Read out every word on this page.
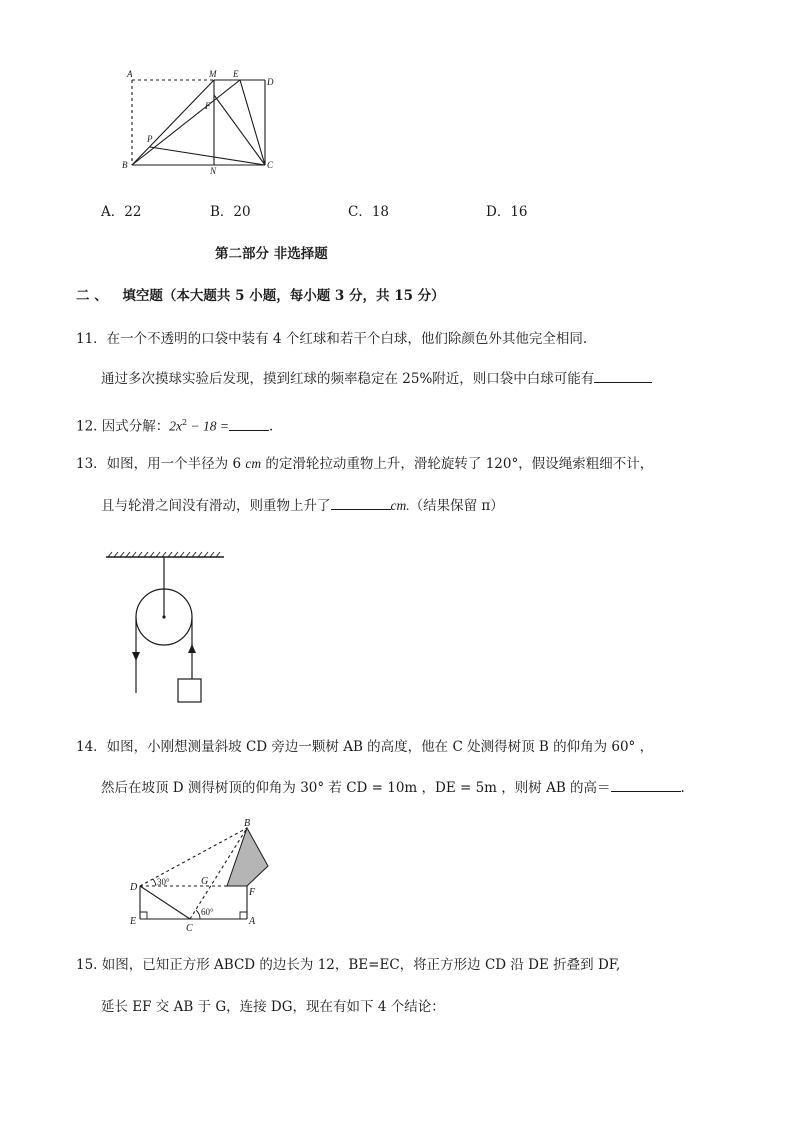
A	M E
D
F
P
B
N
C
A．22	B．20	C．18	D．16
第二部分 非选择题
二 、 填空题（本大题共 5 小题，每小题 3 分，共 15 分）
11．在一个不透明的口袋中装有 4 个红球和若干个白球，他们除颜色外其他完全相同.
通过多次摸球实验后发现，摸到红球的频率稳定在 25%附近，则口袋中白球可能有
12. 因式分解：$2x^2 - 18$ =	.
13．如图，用一个半径为 6 cm 的定滑轮拉动重物上升，滑轮旋转了 120°，假设绳索粗细不计，
且与轮滑之间没有滑动，则重物上升了	cm.（结果保留 π）
14．如图，小刚想测量斜坡 CD 旁边一颗树 AB 的高度，他在 C 处测得树顶 B 的仰角为 60° ，
然后在坡顶 D 测得树顶的仰角为 30° 若 CD = 10m ，DE = 5m ，则树 AB 的高＝	.
B
D
G
F
E
C
A
30°
60°
15. 如图，已知正方形 ABCD 的边长为 12，BE=EC，将正方形边 CD 沿 DE 折叠到 DF,
延长 EF 交 AB 于 G，连接 DG，现在有如下 4 个结论：
